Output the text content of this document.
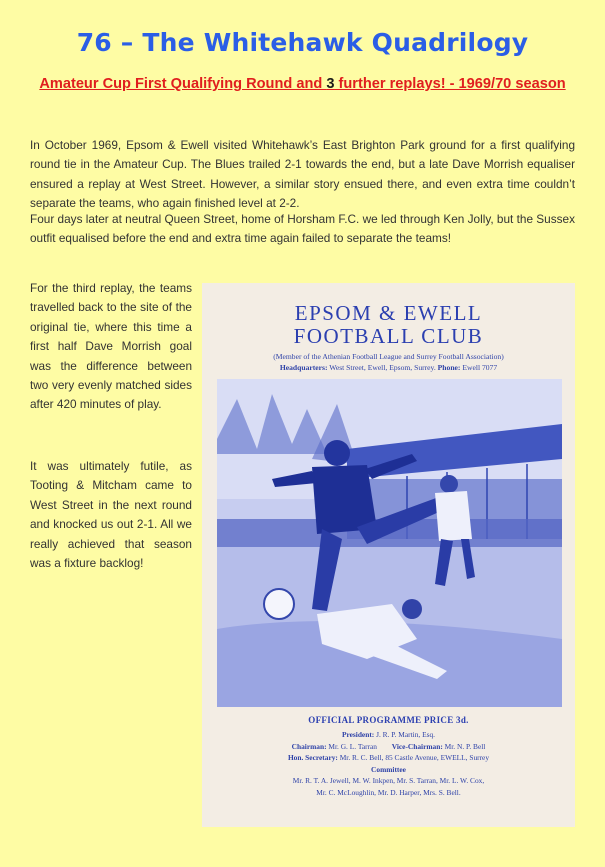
76 – The Whitehawk Quadrilogy

Amateur Cup First Qualifying Round and 3 further replays! - 1969/70 season

In October 1969, Epsom & Ewell visited Whitehawk’s East Brighton Park ground for a first qualifying round tie in the Amateur Cup. The Blues trailed 2-1 towards the end, but a late Dave Morrish equaliser ensured a replay at West Street. However, a similar story ensued there, and even extra time couldn’t separate the teams, who again finished level at 2-2.

Four days later at neutral Queen Street, home of Horsham F.C. we led through Ken Jolly, but the Sussex outfit equalised before the end and extra time again failed to separate the teams!

For the third replay, the teams travelled back to the site of the original tie, where this time a first half Dave Morrish goal was the difference between two very evenly matched sides after 420 minutes of play.

It was ultimately futile, as Tooting & Mitcham came to West Street in the next round and knocked us out 2-1. All we really achieved that season was a fixture backlog!

EPSOM & EWELL
FOOTBALL CLUB
(Member of the Athenian Football League and Surrey Football Association)
Headquarters: West Street, Ewell, Epsom, Surrey. Phone: Ewell 7077
OFFICIAL PROGRAMME PRICE 3d.
President: J. R. P. Martin, Esq.
Chairman: Mr. G. L. Tarran Vice-Chairman: Mr. N. P. Bell
Hon. Secretary: Mr. R. C. Bell, 85 Castle Avenue, EWELL, Surrey
Committee
Mr. R. T. A. Jewell, M. W. Inkpen, Mr. S. Tarran, Mr. L. W. Cox,
Mr. C. McLoughlin, Mr. D. Harper, Mrs. S. Bell.
